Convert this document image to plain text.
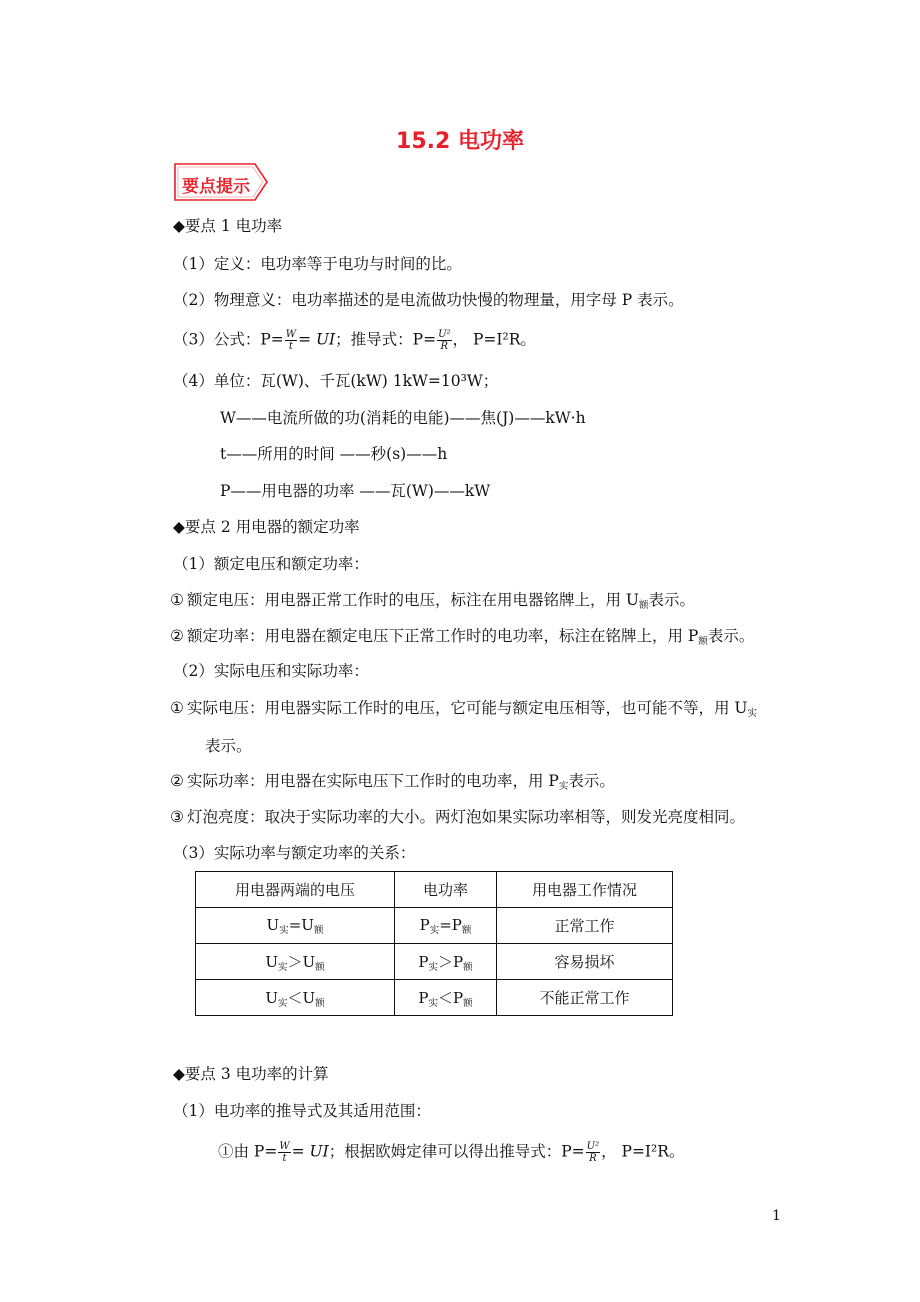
15.2 电功率
要点提示
◆要点 1 电功率
（1）定义：电功率等于电功与时间的比。
（2）物理意义：电功率描述的是电流做功快慢的物理量，用字母 P 表示。
（3）公式：$P= \frac{W}{t}$ = UI；推导式：$P= \frac{\text{U²}}{R}$ ， P=I²R。
（4）单位：瓦(W)、千瓦(kW) 1kW=10³W；
W——电流所做的功(消耗的电能)——焦(J)——kW·h
t——所用的时间 ——秒(s)——h
P——用电器的功率 ——瓦(W)——kW
◆要点 2 用电器的额定功率
（1）额定电压和额定功率：
① 额定电压：用电器正常工作时的电压，标注在用电器铭牌上，用 $U_额$表示。
② 额定功率：用电器在额定电压下正常工作时的电功率，标注在铭牌上，用 $P_额$表示。
（2）实际电压和实际功率：
① 实际电压：用电器实际工作时的电压，它可能与额定电压相等，也可能不等，用 $U_实$
表示。
② 实际功率：用电器在实际电压下工作时的电功率，用 $P_实$表示。
③ 灯泡亮度：取决于实际功率的大小。两灯泡如果实际功率相等，则发光亮度相同。
（3）实际功率与额定功率的关系：
用电器两端的电压	电功率	用电器工作情况
$U_实=U_额$	$P_实=P_额$	正常工作
$U_实>U_额$	$P_实>P_额$	容易损坏
$U_实<U_额$	$P_实<P_额$	不能正常工作
◆要点 3 电功率的计算
（1）电功率的推导式及其适用范围：
①由 $P= \frac{W}{t}$ = UI；根据欧姆定律可以得出推导式：$P= \frac{\text{U²}}{R}$ ， P=I²R。
1
